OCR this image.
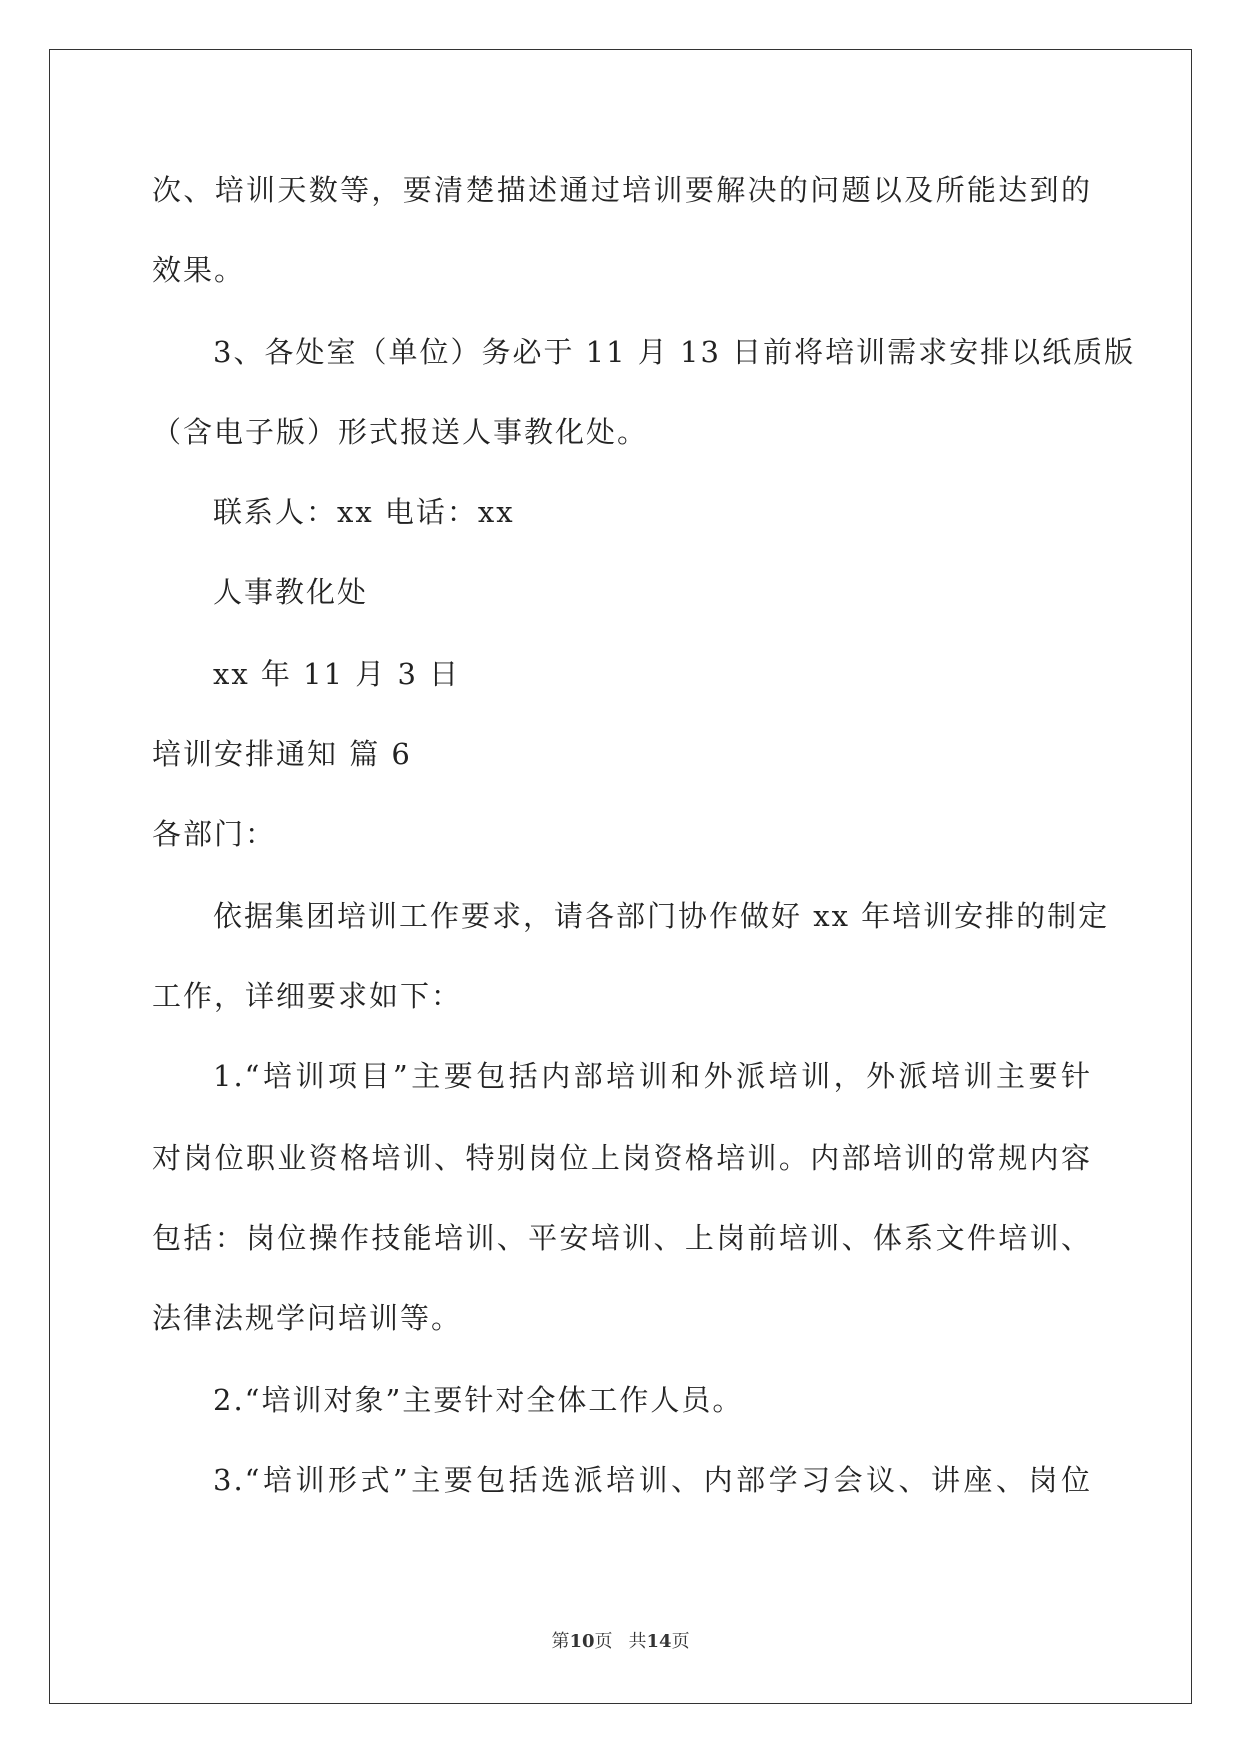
次、培训天数等，要清楚描述通过培训要解决的问题以及所能达到的
效果。
3、各处室（单位）务必于 11 月 13 日前将培训需求安排以纸质版
（含电子版）形式报送人事教化处。
联系人：xx 电话：xx
人事教化处
xx 年 11 月 3 日
培训安排通知 篇 6
各部门：
依据集团培训工作要求，请各部门协作做好 xx 年培训安排的制定
工作，详细要求如下：
1.“培训项目”主要包括内部培训和外派培训，外派培训主要针
对岗位职业资格培训、特别岗位上岗资格培训。内部培训的常规内容
包括：岗位操作技能培训、平安培训、上岗前培训、体系文件培训、
法律法规学问培训等。
2.“培训对象”主要针对全体工作人员。
3.“培训形式”主要包括选派培训、内部学习会议、讲座、岗位
第10页 共14页
